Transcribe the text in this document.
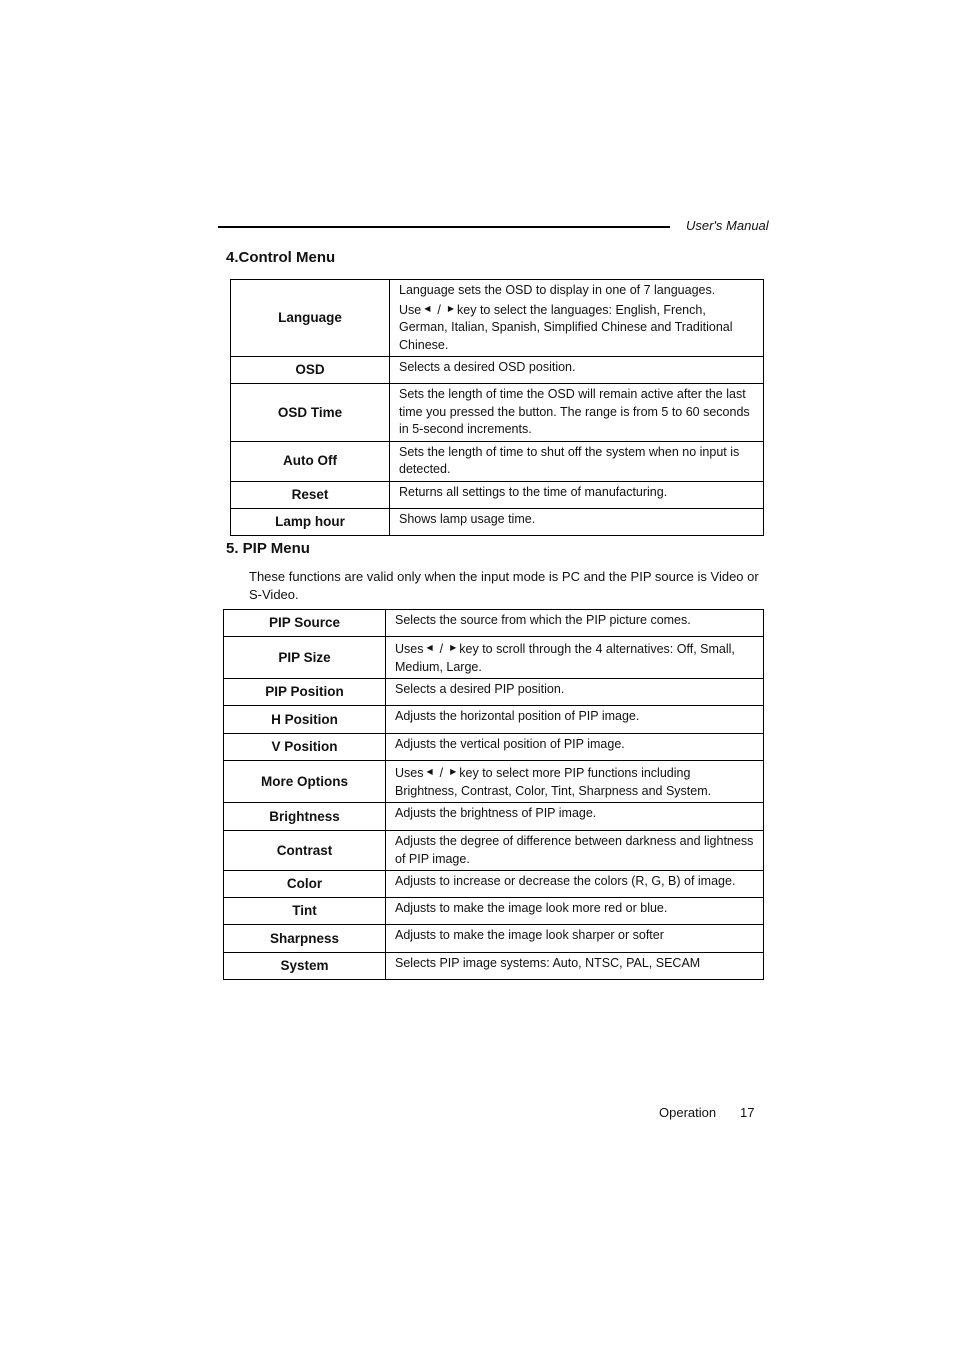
User's Manual
4.Control Menu
Language	Language sets the OSD to display in one of 7 languages.
Use ◀ / ▶ key to select the languages: English, French, German, Italian, Spanish, Simplified Chinese and Traditional Chinese.
OSD	Selects a desired OSD position.
OSD Time	Sets the length of time the OSD will remain active after the last time you pressed the button. The range is from 5 to 60 seconds in 5-second increments.
Auto Off	Sets the length of time to shut off the system when no input is detected.
Reset	Returns all settings to the time of manufacturing.
Lamp hour	Shows lamp usage time.
5. PIP Menu
These functions are valid only when the input mode is PC and the PIP source is Video or S-Video.
PIP Source	Selects the source from which the PIP picture comes.
PIP Size	Uses ◀ / ▶ key to scroll through the 4 alternatives: Off, Small, Medium, Large.
PIP Position	Selects a desired PIP position.
H Position	Adjusts the horizontal position of PIP image.
V Position	Adjusts the vertical position of PIP image.
More Options	Uses ◀ / ▶ key to select more PIP functions including Brightness, Contrast, Color, Tint, Sharpness and System.
Brightness	Adjusts the brightness of PIP image.
Contrast	Adjusts the degree of difference between darkness and lightness of PIP image.
Color	Adjusts to increase or decrease the colors (R, G, B) of image.
Tint	Adjusts to make the image look more red or blue.
Sharpness	Adjusts to make the image look sharper or softer
System	Selects PIP image systems: Auto, NTSC, PAL, SECAM
Operation 17
